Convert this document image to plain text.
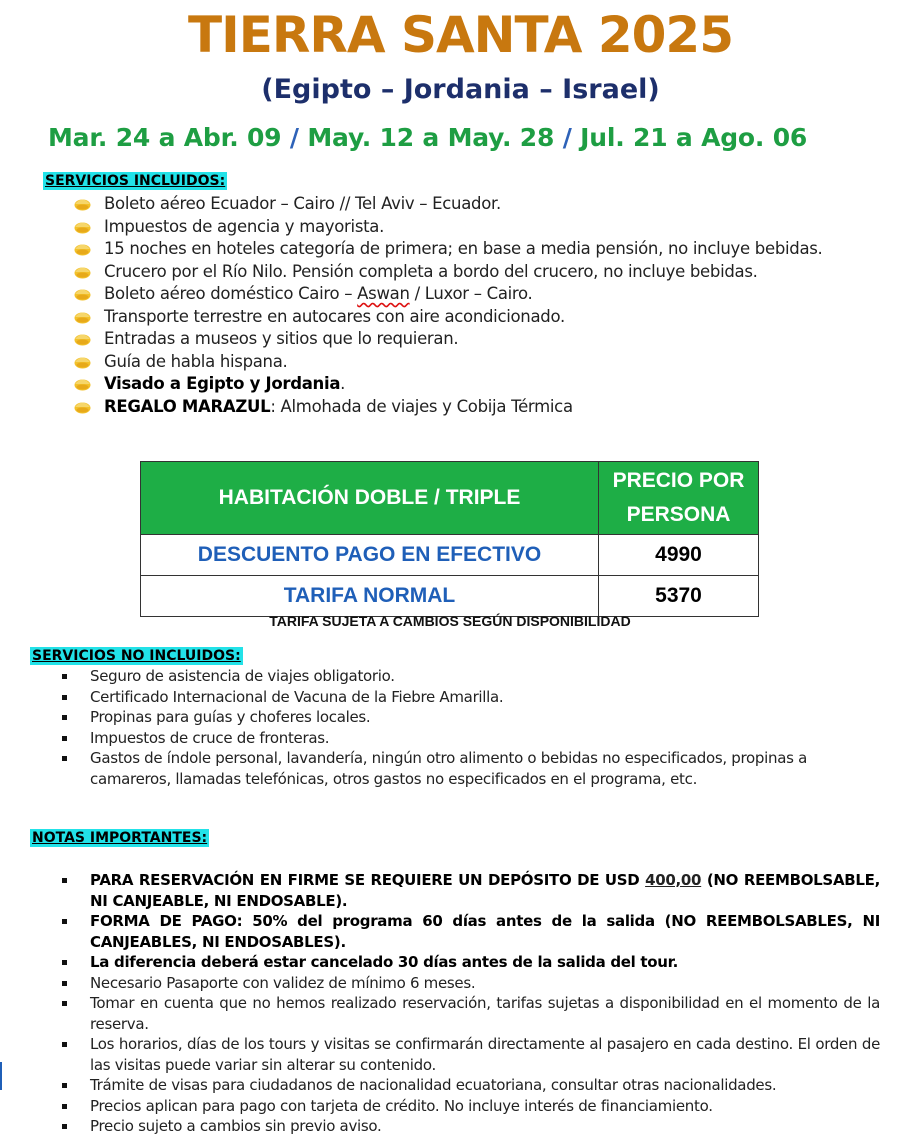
TIERRA SANTA 2025
(Egipto – Jordania – Israel)
Mar. 24 a Abr. 09 / May. 12 a May. 28 / Jul. 21 a Ago. 06
SERVICIOS INCLUIDOS:
Boleto aéreo Ecuador – Cairo // Tel Aviv – Ecuador.
Impuestos de agencia y mayorista.
15 noches en hoteles categoría de primera; en base a media pensión, no incluye bebidas.
Crucero por el Río Nilo. Pensión completa a bordo del crucero, no incluye bebidas.
Boleto aéreo doméstico Cairo – Aswan / Luxor – Cairo.
Transporte terrestre en autocares con aire acondicionado.
Entradas a museos y sitios que lo requieran.
Guía de habla hispana.
Visado a Egipto y Jordania.
REGALO MARAZUL: Almohada de viajes y Cobija Térmica
HABITACIÓN DOBLE / TRIPLE	PRECIO POR PERSONA
DESCUENTO PAGO EN EFECTIVO	4990
TARIFA NORMAL	5370
TARIFA SUJETA A CAMBIOS SEGÚN DISPONIBILIDAD
SERVICIOS NO INCLUIDOS:
Seguro de asistencia de viajes obligatorio.
Certificado Internacional de Vacuna de la Fiebre Amarilla.
Propinas para guías y choferes locales.
Impuestos de cruce de fronteras.
Gastos de índole personal, lavandería, ningún otro alimento o bebidas no especificados, propinas a camareros, llamadas telefónicas, otros gastos no especificados en el programa, etc.
NOTAS IMPORTANTES:
PARA RESERVACIÓN EN FIRME SE REQUIERE UN DEPÓSITO DE USD 400,00 (NO REEMBOLSABLE, NI CANJEABLE, NI ENDOSABLE).
FORMA DE PAGO: 50% del programa 60 días antes de la salida (NO REEMBOLSABLES, NI CANJEABLES, NI ENDOSABLES).
La diferencia deberá estar cancelado 30 días antes de la salida del tour.
Necesario Pasaporte con validez de mínimo 6 meses.
Tomar en cuenta que no hemos realizado reservación, tarifas sujetas a disponibilidad en el momento de la reserva.
Los horarios, días de los tours y visitas se confirmarán directamente al pasajero en cada destino. El orden de las visitas puede variar sin alterar su contenido.
Trámite de visas para ciudadanos de nacionalidad ecuatoriana, consultar otras nacionalidades.
Precios aplican para pago con tarjeta de crédito. No incluye interés de financiamiento.
Precio sujeto a cambios sin previo aviso.
